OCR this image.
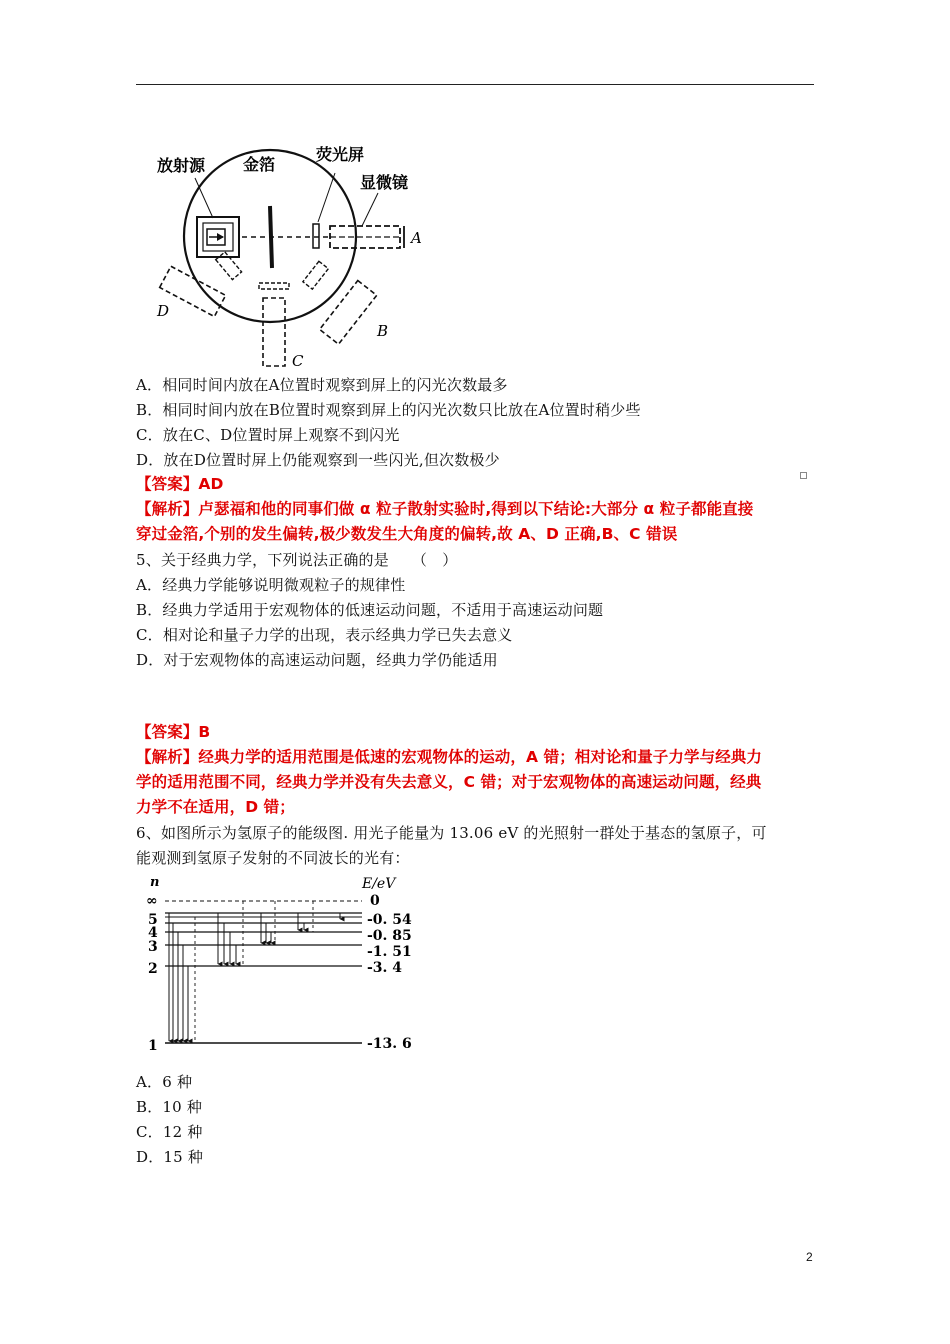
放射源 金箔
荧光屏
显微镜
A
B
C
D
A．相同时间内放在A位置时观察到屏上的闪光次数最多
B．相同时间内放在B位置时观察到屏上的闪光次数只比放在A位置时稍少些
C．放在C、D位置时屏上观察不到闪光
D．放在D位置时屏上仍能观察到一些闪光,但次数极少
【答案】AD
【解析】卢瑟福和他的同事们做 α 粒子散射实验时,得到以下结论:大部分 α 粒子都能直接
穿过金箔,个别的发生偏转,极少数发生大角度的偏转,故 A、D 正确,B、C 错误
5、关于经典力学，下列说法正确的是　　（　）
A．经典力学能够说明微观粒子的规律性
B．经典力学适用于宏观物体的低速运动问题，不适用于高速运动问题
C．相对论和量子力学的出现，表示经典力学已失去意义
D．对于宏观物体的高速运动问题，经典力学仍能适用
【答案】B
【解析】经典力学的适用范围是低速的宏观物体的运动，A 错；相对论和量子力学与经典力
学的适用范围不同，经典力学并没有失去意义，C 错；对于宏观物体的高速运动问题，经典
力学不在适用，D 错；
6、如图所示为氢原子的能级图. 用光子能量为 13.06 eV 的光照射一群处于基态的氢原子，可
能观测到氢原子发射的不同波长的光有：
n	E/eV
∞
5
4
3
2
1
0
-0. 54
-0. 85
-1. 51
-3. 4
-13. 6
A．6 种
B．10 种
C．12 种
D．15 种
2
